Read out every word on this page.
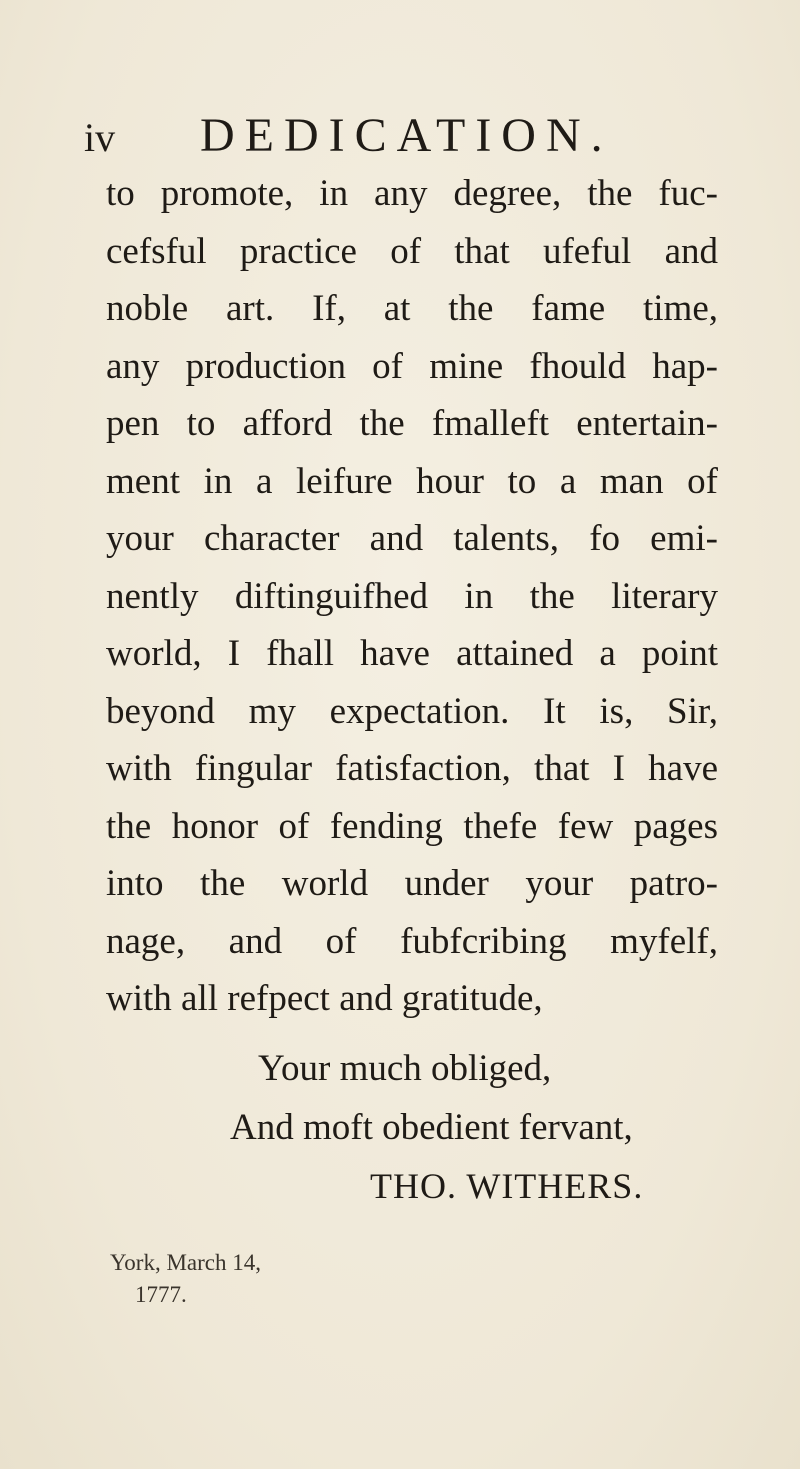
iv DEDICATION.
to promote, in any degree, the fuc-
cefsful practice of that ufeful and
noble art. If, at the fame time,
any production of mine fhould hap-
pen to afford the fmalleft entertain-
ment in a leifure hour to a man of
your character and talents, fo emi-
nently diftinguifhed in the literary
world, I fhall have attained a point
beyond my expectation. It is, Sir,
with fingular fatisfaction, that I have
the honor of fending thefe few pages
into the world under your patro-
nage, and of fubfcribing myfelf,
with all refpect and gratitude,
Your much obliged,
And moft obedient fervant,
THO. WITHERS.
York, March 14,
1777.
